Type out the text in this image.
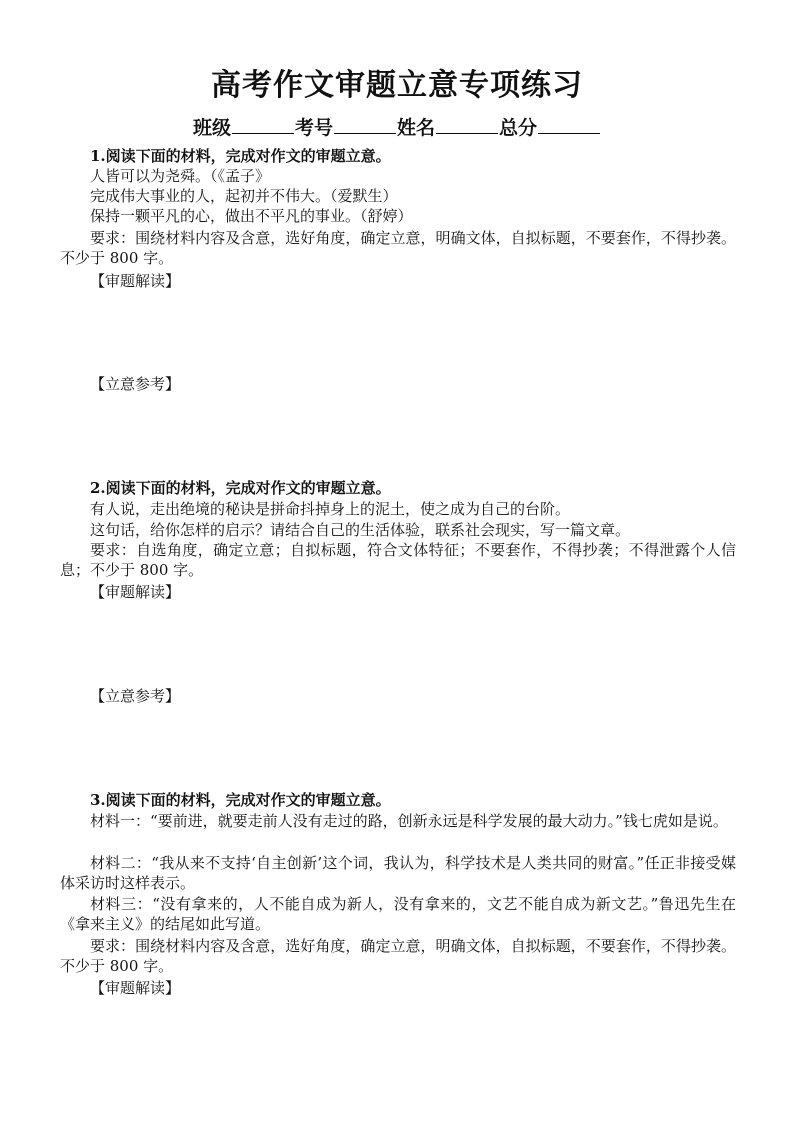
高考作文审题立意专项练习
班级	考号	姓名	总分
1.阅读下面的材料，完成对作文的审题立意。
人皆可以为尧舜。（《孟子》
完成伟大事业的人，起初并不伟大。（爱默生）
保持一颗平凡的心，做出不平凡的事业。（舒婷）
要求：围绕材料内容及含意，选好角度，确定立意，明确文体，自拟标题，不要套作，不得抄袭。不少于 800 字。
【审题解读】
【立意参考】
2.阅读下面的材料，完成对作文的审题立意。
有人说，走出绝境的秘诀是拼命抖掉身上的泥土，使之成为自己的台阶。
这句话，给你怎样的启示？请结合自己的生活体验，联系社会现实，写一篇文章。
要求：自选角度，确定立意；自拟标题，符合文体特征；不要套作，不得抄袭；不得泄露个人信息；不少于 800 字。
【审题解读】
【立意参考】
3.阅读下面的材料，完成对作文的审题立意。
材料一：“要前进，就要走前人没有走过的路，创新永远是科学发展的最大动力。”钱七虎如是说。
材料二：“我从来不支持‘自主创新’这个词，我认为，科学技术是人类共同的财富。”任正非接受媒体采访时这样表示。
材料三：“没有拿来的，人不能自成为新人，没有拿来的，文艺不能自成为新文艺。”鲁迅先生在《拿来主义》的结尾如此写道。
要求：围绕材料内容及含意，选好角度，确定立意，明确文体，自拟标题，不要套作，不得抄袭。不少于 800 字。
【审题解读】
